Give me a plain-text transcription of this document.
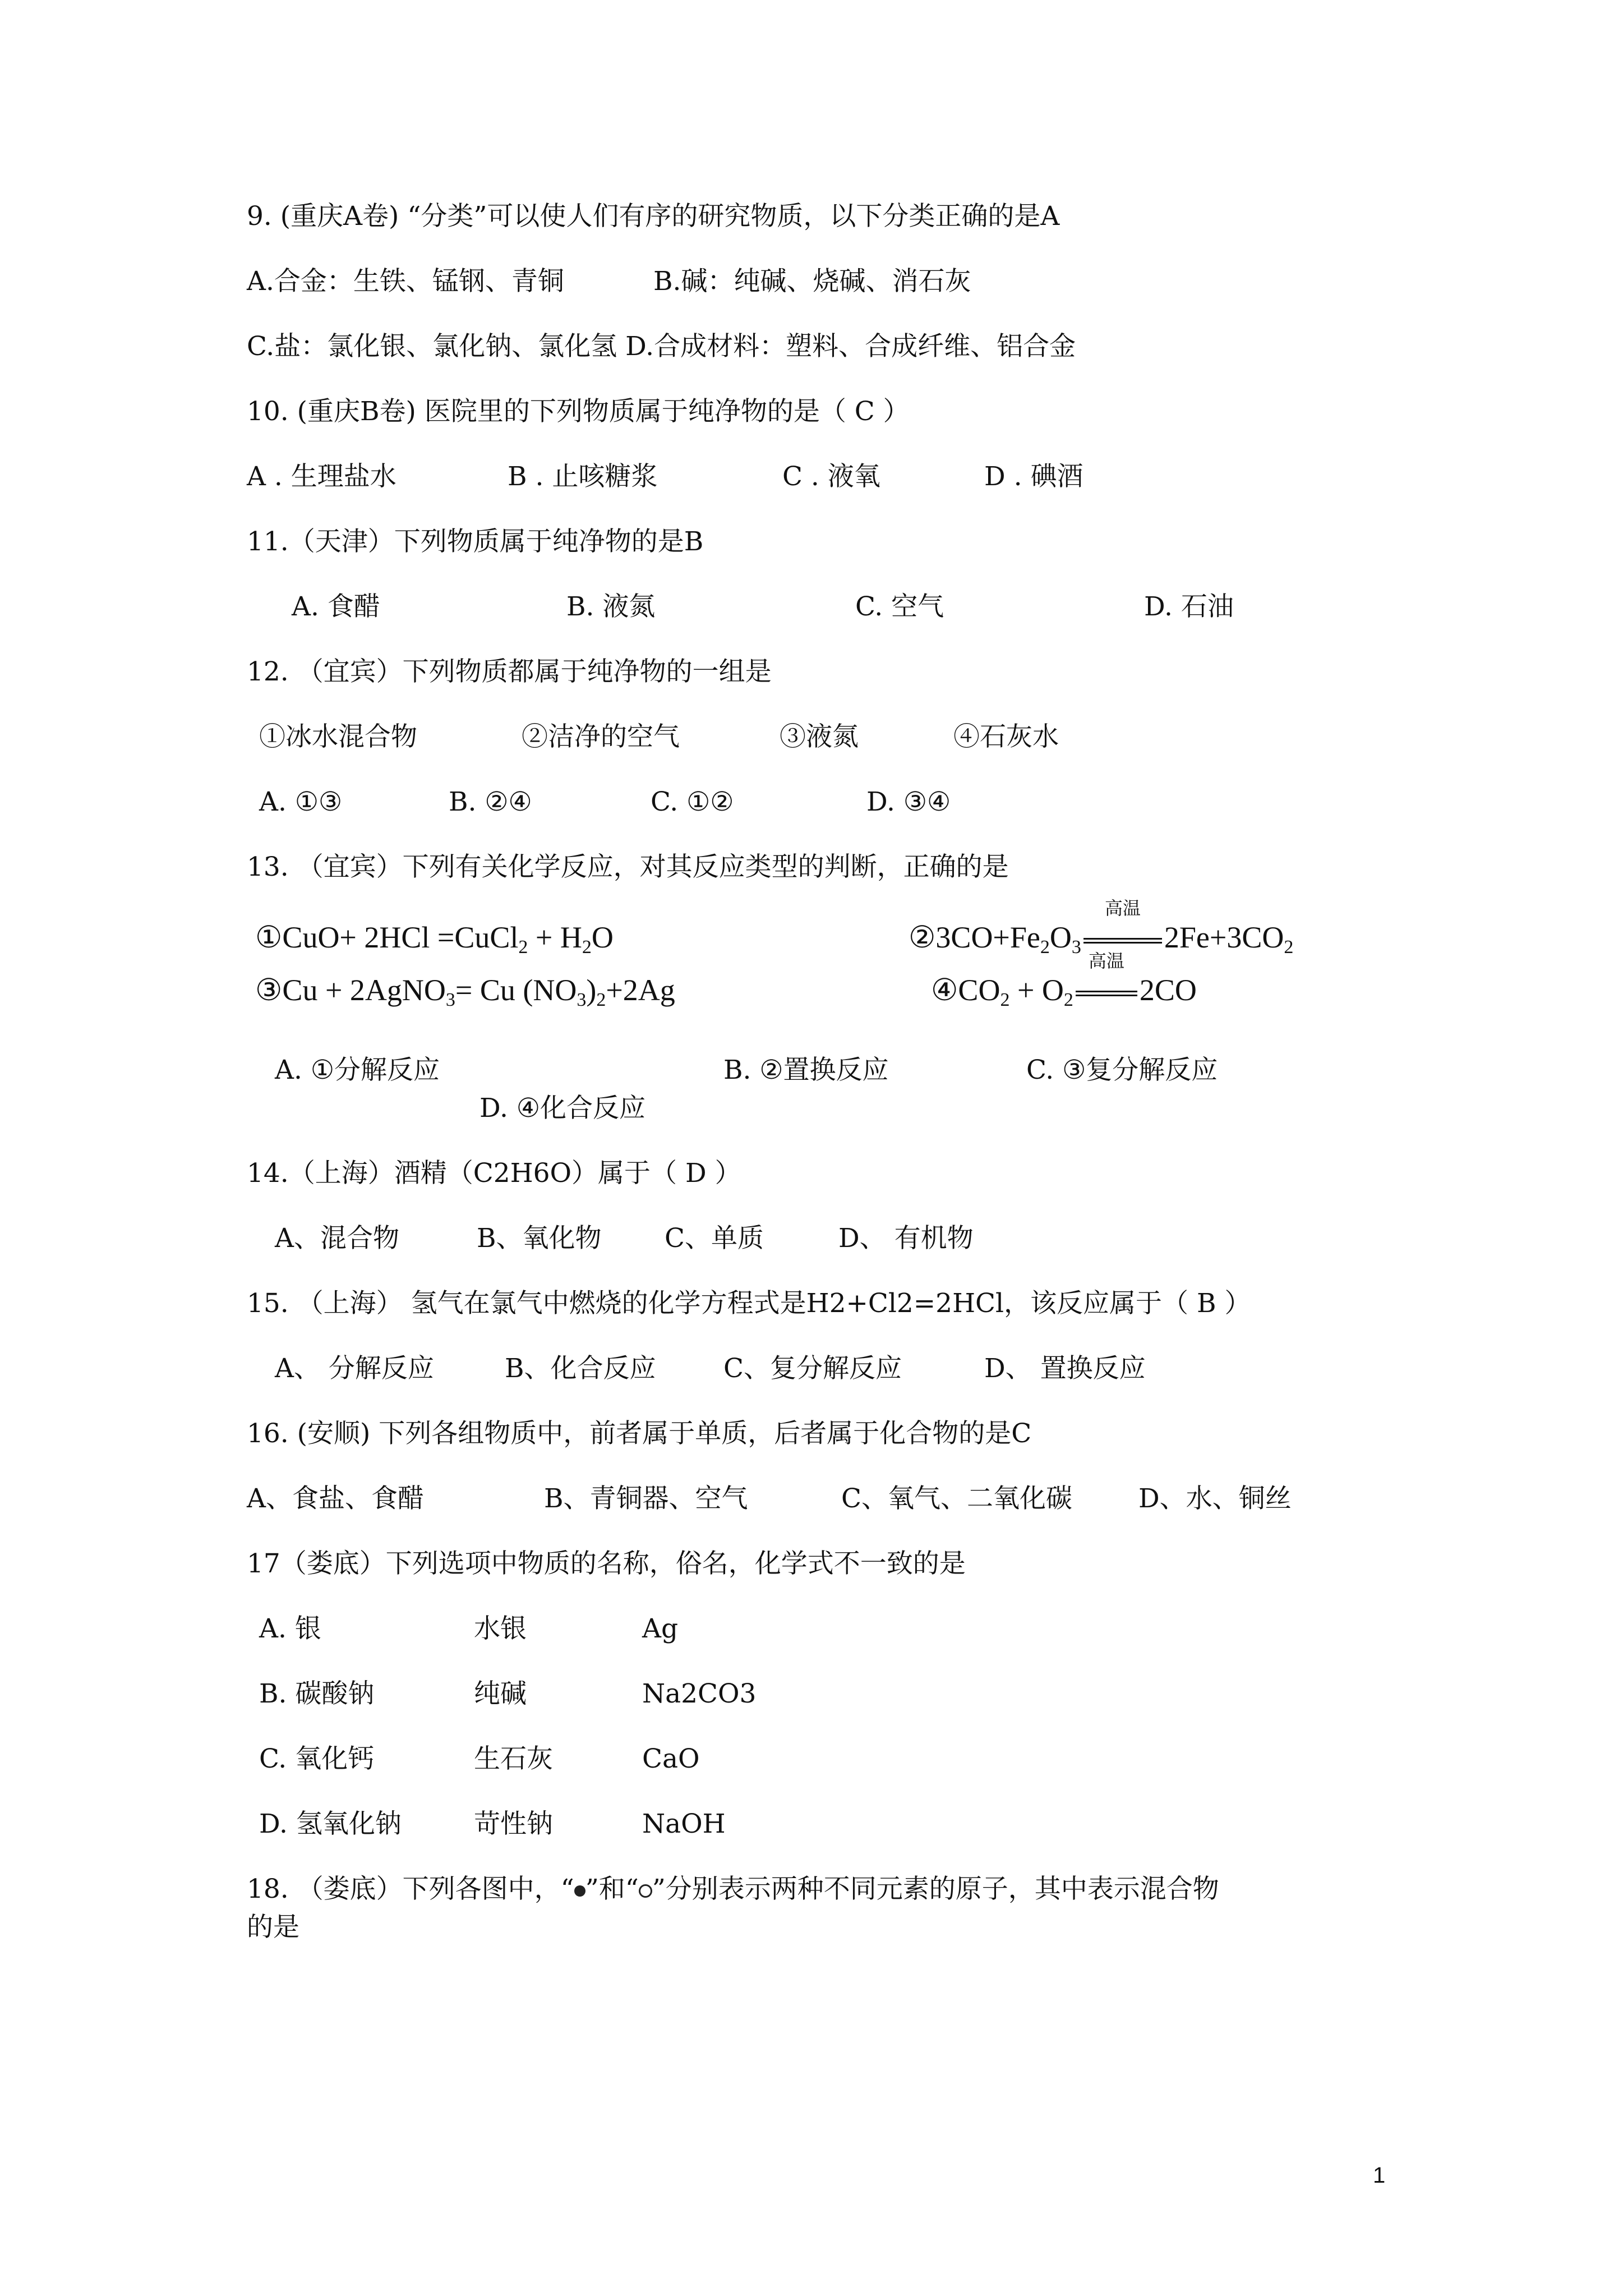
9. (重庆A卷) “分类”可以使人们有序的研究物质，以下分类正确的是A
A.合金：生铁、锰钢、青铜	B.碱：纯碱、烧碱、消石灰
C.盐：氯化银、氯化钠、氯化氢 D.合成材料：塑料、合成纤维、铝合金
10. (重庆B卷) 医院里的下列物质属于纯净物的是（ C ）
A . 生理盐水	B . 止咳糖浆	C . 液氧	D . 碘酒
11.（天津）下列物质属于纯净物的是B
A. 食醋	B. 液氮	C. 空气	D. 石油
12. （宜宾）下列物质都属于纯净物的一组是
①冰水混合物	②洁净的空气	③液氮	④石灰水
A. ①③	B. ②④	C. ①②	D. ③④
13. （宜宾）下列有关化学反应，对其反应类型的判断，正确的是
①CuO+ 2HCl =CuCl$_2$ + $H_2O$	$②3CO+Fe_2O_3$
高温
$2Fe+3CO_2$
③Cu + 2AgNO$_3$= Cu $(NO_3)_2+2Ag$	$④CO_2 + O_2$
高温
2CO
A. ①分解反应	B. ②置换反应	C. ③复分解反应
D. ④化合反应
14.（上海）酒精（C2H6O）属于（ D ）
A、混合物	B、氧化物 C、单质	D、 有机物
15. （上海） 氢气在氯气中燃烧的化学方程式是H2+Cl2=2HCl，该反应属于（ B ）
A、 分解反应	B、化合反应	C、复分解反应	D、 置换反应
16. (安顺) 下列各组物质中，前者属于单质，后者属于化合物的是C
A、食盐、食醋	B、青铜器、空气	C、氧气、二氧化碳	D、水、铜丝
17（娄底）下列选项中物质的名称，俗名，化学式不一致的是
A. 银	水银	Ag
B. 碳酸钠	纯碱	Na2CO3
C. 氧化钙	生石灰	CaO
D. 氢氧化钠	苛性钠	NaOH
18. （娄底）下列各图中，“ ”和“ ”分别表示两种不同元素的原子，其中表示混合物
的是
1
